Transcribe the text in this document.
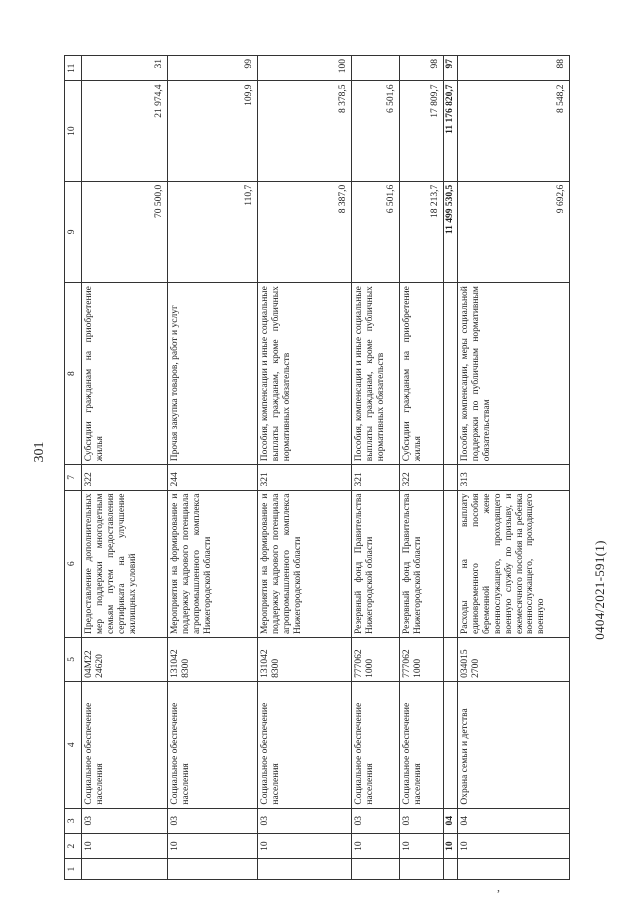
301
0404/2021-591(1)
,
1	2	3	4	5	6	7	8	9	10	11
	10	03	Социальное обеспечение населения	04М22 24620	Предоставление дополнительных мер поддержки многодетным семьям путем предоставления сертификата на улучшение жилищных условий	322	Субсидии гражданам на приобретение жилья	70 500,0	21 974,4	31
	10	03	Социальное обеспечение населения	131042 8300	Мероприятия на формирование и поддержку кадрового потенциала агропромышленного комплекса Нижегородской области	244	Прочая закупка товаров, работ и услуг	110,7	109,9	99
	10	03	Социальное обеспечение населения	131042 8300	Мероприятия на формирование и поддержку кадрового потенциала агропромышленного комплекса Нижегородской области	321	Пособия, компенсации и иные социальные выплаты гражданам, кроме публичных нормативных обязательств	8 387,0	8 378,5	100
	10	03	Социальное обеспечение населения	777062 1000	Резервный фонд Правительства Нижегородской области	321	Пособия, компенсации и иные социальные выплаты гражданам, кроме публичных нормативных обязательств	6 501,6	6 501,6	
	10	03	Социальное обеспечение населения	777062 1000	Резервный фонд Правительства Нижегородской области	322	Субсидии гражданам на приобретение жилья	18 213,7	17 809,7	98
	10	04						11 499 530,5	11 176 820,7	97
	10	04	Охрана семьи и детства	034015 2700	Расходы на выплату единовременного пособия беременной жене военнослужащего, проходящего военную службу по призыву, и ежемесячного пособия на ребенка военнослужащего, проходящего военную	313	Пособия, компенсации, меры социальной поддержки по публичным нормативным обязательствам	9 692,6	8 548,2	88
